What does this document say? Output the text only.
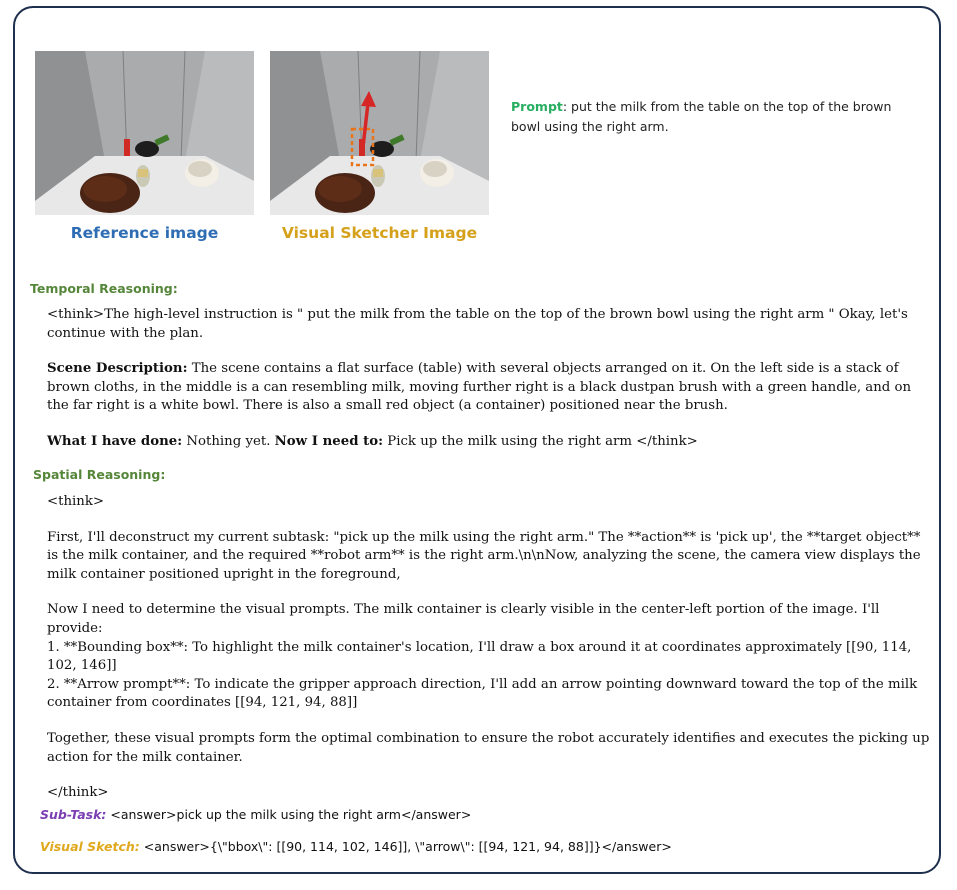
Reference image	Visual Sketcher Image
Prompt: put the milk from the table on the top of the brown bowl using the right arm.
Temporal Reasoning:

<think>The high-level instruction is " put the milk from the table on the top of the brown bowl using the right arm " Okay, let's continue with the plan.

Scene Description: The scene contains a flat surface (table) with several objects arranged on it. On the left side is a stack of brown cloths, in the middle is a can resembling milk, moving further right is a black dustpan brush with a green handle, and on the far right is a white bowl. There is also a small red object (a container) positioned near the brush.

What I have done: Nothing yet. Now I need to: Pick up the milk using the right arm </think>

Spatial Reasoning:

<think>

First, I'll deconstruct my current subtask: "pick up the milk using the right arm." The **action** is 'pick up', the **target object** is the milk container, and the required **robot arm** is the right arm.\n\nNow, analyzing the scene, the camera view displays the milk container positioned upright in the foreground,

Now I need to determine the visual prompts. The milk container is clearly visible in the center-left portion of the image. I'll provide:

1. **Bounding box**: To highlight the milk container's location, I'll draw a box around it at coordinates approximately [[90, 114, 102, 146]]

2. **Arrow prompt**: To indicate the gripper approach direction, I'll add an arrow pointing downward toward the top of the milk container from coordinates [[94, 121, 94, 88]]

Together, these visual prompts form the optimal combination to ensure the robot accurately identifies and executes the picking up action for the milk container.

</think>

Sub-Task: <answer>pick up the milk using the right arm</answer>
Visual Sketch: <answer>{\"bbox\": [[90, 114, 102, 146]], \"arrow\": [[94, 121, 94, 88]]}</answer>
